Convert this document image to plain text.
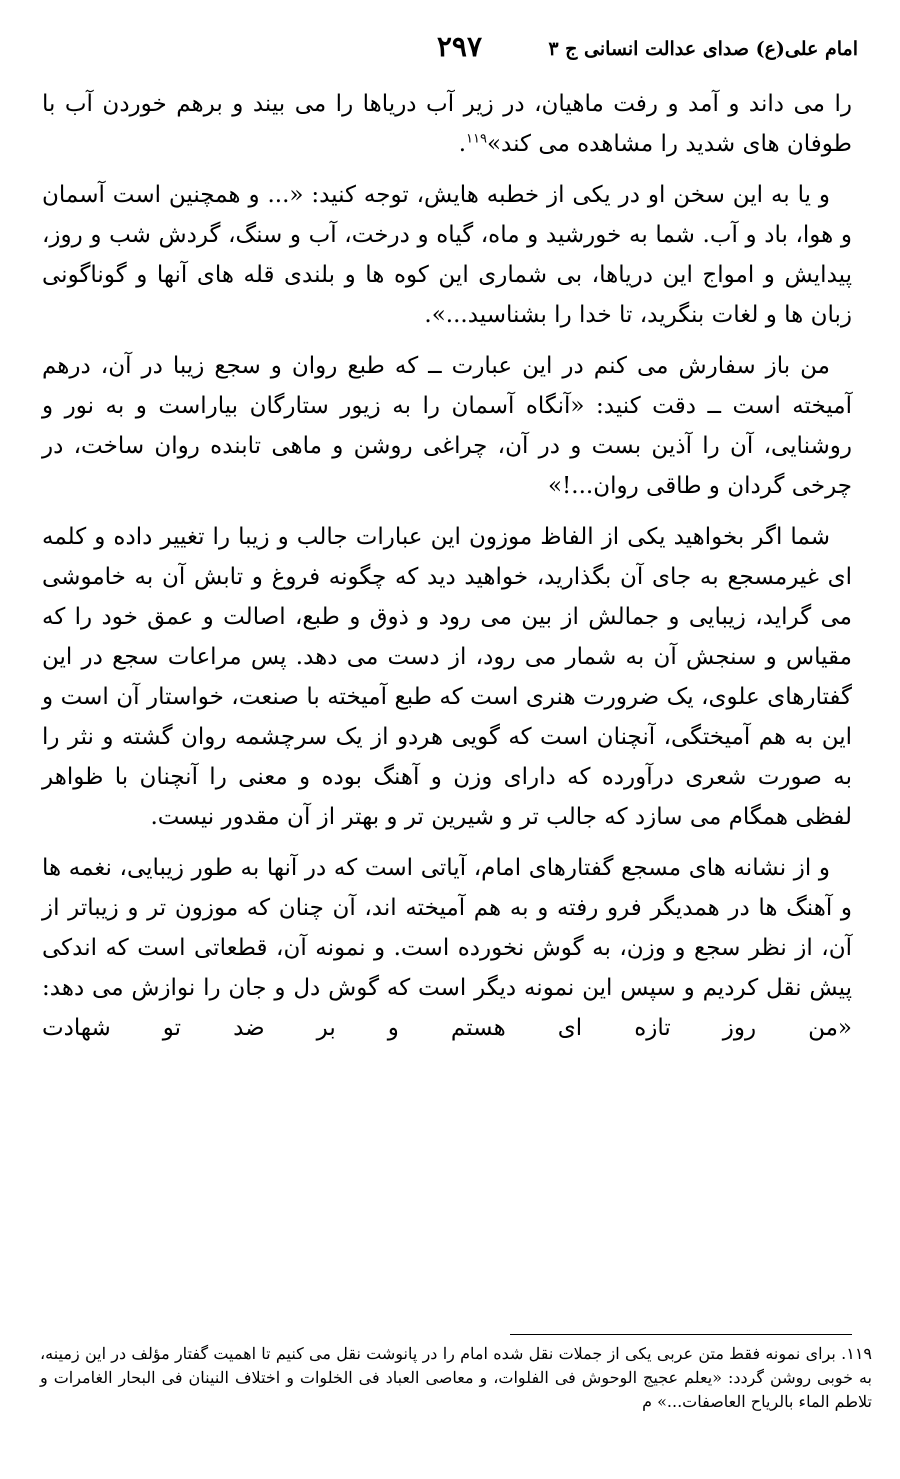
امام علی(ع) صدای عدالت انسانی ج ۳
۲۹۷

را می داند و آمد و رفت ماهیان، در زیر آب دریاها را می بیند و برهم خوردن آب با طوفان های شدید را مشاهده می کند»$^{۱۱۹}$.

و یا به این سخن او در یکی از خطبه هایش، توجه کنید: «... و همچنین است آسمان و هوا، باد و آب. شما به خورشید و ماه، گیاه و درخت، آب و سنگ، گردش شب و روز، پیدایش و امواج این دریاها، بی شماری این کوه ها و بلندی قله های آنها و گوناگونی زبان ها و لغات بنگرید، تا خدا را بشناسید...».

من باز سفارش می کنم در این عبارت ــ که طبع روان و سجع زیبا در آن، درهم آمیخته است ــ دقت کنید: «آنگاه آسمان را به زیور ستارگان بیاراست و به نور و روشنایی، آن را آذین بست و در آن، چراغی روشن و ماهی تابنده روان ساخت، در چرخی گردان و طاقی روان...!»

شما اگر بخواهید یکی از الفاظ موزون این عبارات جالب و زیبا را تغییر داده و کلمه ای غیرمسجع به جای آن بگذارید، خواهید دید که چگونه فروغ و تابش آن به خاموشی می گراید، زیبایی و جمالش از بین می رود و ذوق و طبع، اصالت و عمق خود را که مقیاس و سنجش آن به شمار می رود، از دست می دهد. پس مراعات سجع در این گفتارهای علوی، یک ضرورت هنری است که طبع آمیخته با صنعت، خواستار آن است و این به هم آمیختگی، آنچنان است که گویی هردو از یک سرچشمه روان گشته و نثر را به صورت شعری درآورده که دارای وزن و آهنگ بوده و معنی را آنچنان با ظواهر لفظی همگام می سازد که جالب تر و شیرین تر و بهتر از آن مقدور نیست.

و از نشانه های مسجع گفتارهای امام، آیاتی است که در آنها به طور زیبایی، نغمه ها و آهنگ ها در همدیگر فرو رفته و به هم آمیخته اند، آن چنان که موزون تر و زیباتر از آن، از نظر سجع و وزن، به گوش نخورده است. و نمونه آن، قطعاتی است که اندکی پیش نقل کردیم و سپس این نمونه دیگر است که گوش دل و جان را نوازش می دهد: «من روز تازه ای هستم و بر ضد تو شهادت

۱۱۹. برای نمونه فقط متن عربی یکی از جملات نقل شده امام را در پانوشت نقل می کنیم تا اهمیت گفتار مؤلف در این زمینه، به خوبی روشن گردد: «یعلم عجیج الوحوش فی الفلوات، و معاصی العباد فی الخلوات و اختلاف النینان فی البحار الغامرات و تلاطم الماء بالریاح العاصفات...» م
